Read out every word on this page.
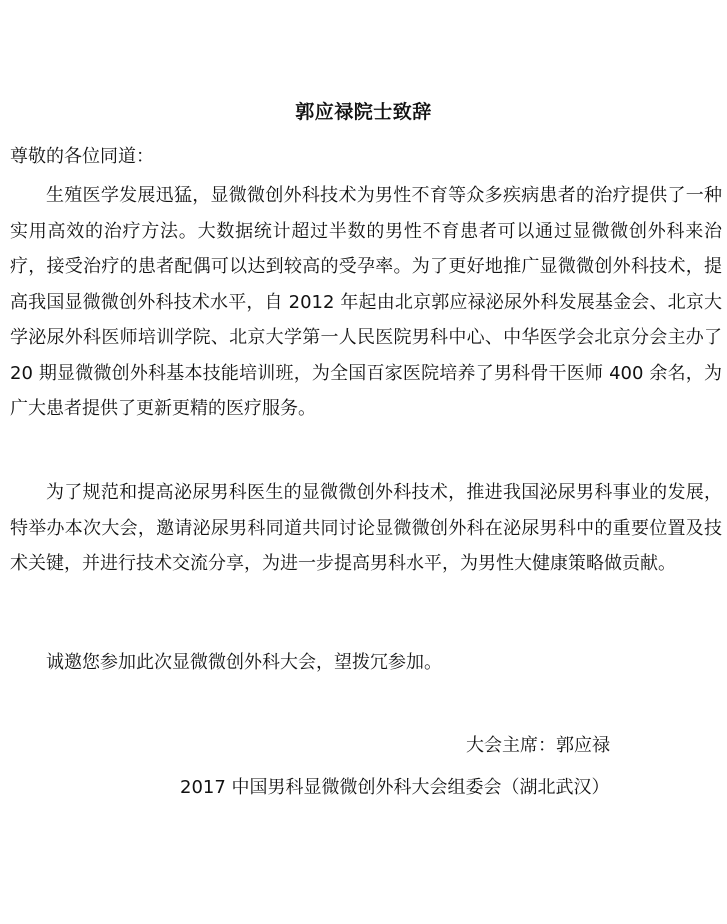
郭应禄院士致辞
尊敬的各位同道：
生殖医学发展迅猛，显微微创外科技术为男性不育等众多疾病患者的治疗提供了一种实用高效的治疗方法。大数据统计超过半数的男性不育患者可以通过显微微创外科来治疗，接受治疗的患者配偶可以达到较高的受孕率。为了更好地推广显微微创外科技术，提高我国显微微创外科技术水平，自 2012 年起由北京郭应禄泌尿外科发展基金会、北京大学泌尿外科医师培训学院、北京大学第一人民医院男科中心、中华医学会北京分会主办了 20 期显微微创外科基本技能培训班，为全国百家医院培养了男科骨干医师 400 余名，为广大患者提供了更新更精的医疗服务。
为了规范和提高泌尿男科医生的显微微创外科技术，推进我国泌尿男科事业的发展，特举办本次大会，邀请泌尿男科同道共同讨论显微微创外科在泌尿男科中的重要位置及技术关键，并进行技术交流分享，为进一步提高男科水平，为男性大健康策略做贡献。
诚邀您参加此次显微微创外科大会，望拨冗参加。
大会主席：郭应禄
2017 中国男科显微微创外科大会组委会（湖北武汉）
